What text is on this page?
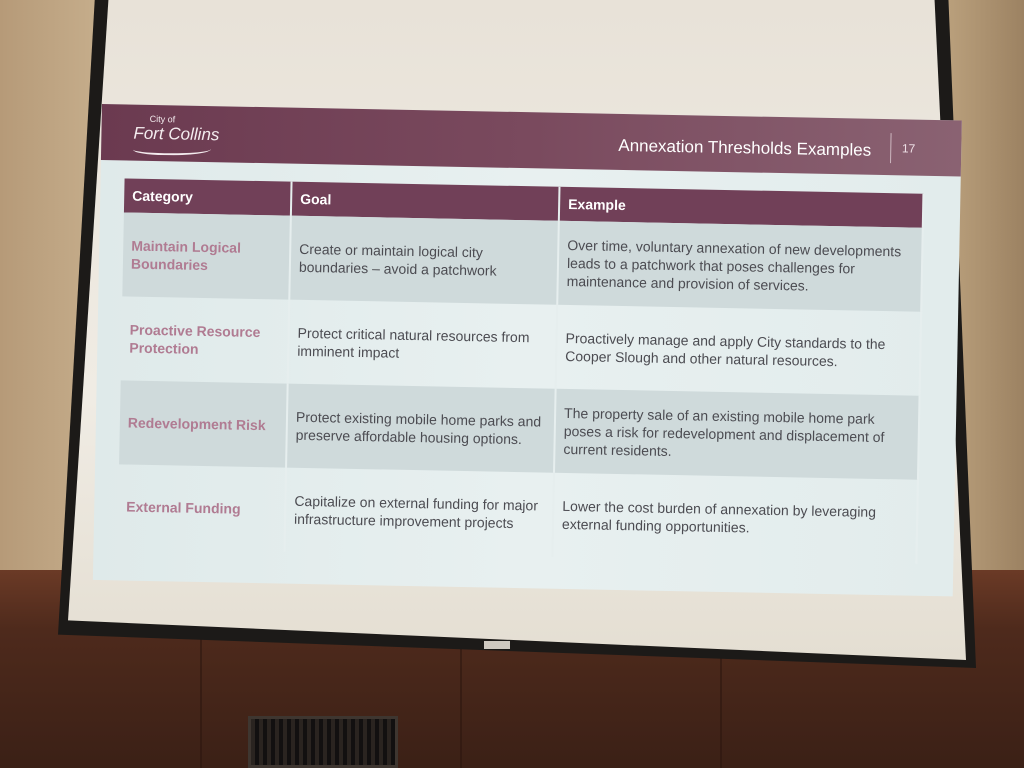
City of
Fort Collins
Annexation Thresholds Examples	17
Category	Goal	Example
Maintain Logical Boundaries	Create or maintain logical city boundaries – avoid a patchwork	Over time, voluntary annexation of new developments leads to a patchwork that poses challenges for maintenance and provision of services.
Proactive Resource Protection	Protect critical natural resources from imminent impact	Proactively manage and apply City standards to the Cooper Slough and other natural resources.
Redevelopment Risk	Protect existing mobile home parks and preserve affordable housing options.	The property sale of an existing mobile home park poses a risk for redevelopment and displacement of current residents.
External Funding	Capitalize on external funding for major infrastructure improvement projects	Lower the cost burden of annexation by leveraging external funding opportunities.
